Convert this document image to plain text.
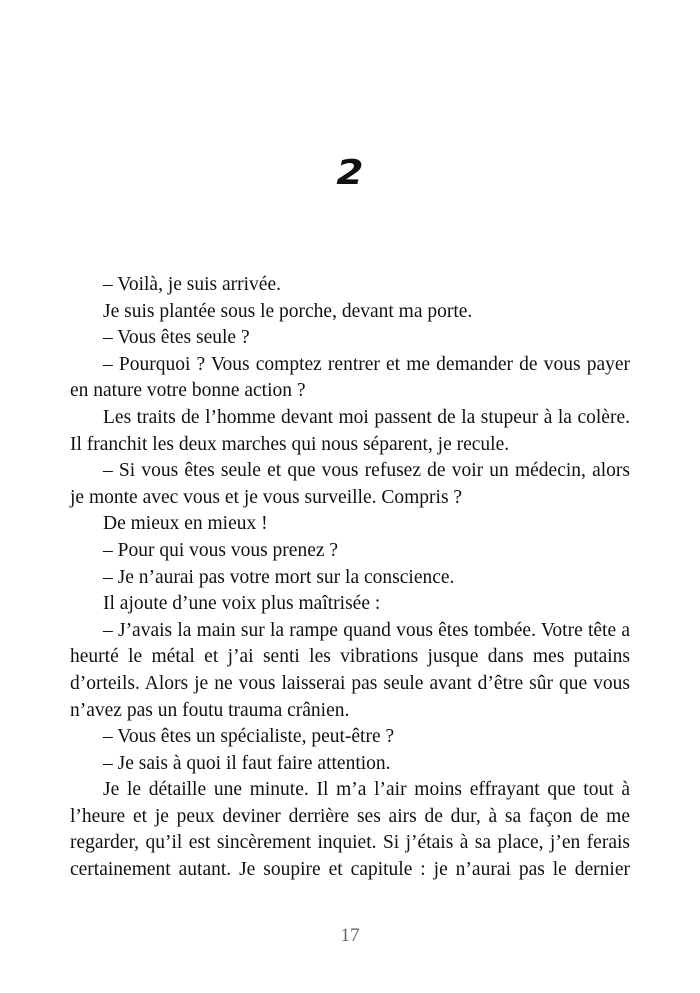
2

– Voilà, je suis arrivée.

Je suis plantée sous le porche, devant ma porte.

– Vous êtes seule ?

– Pourquoi ? Vous comptez rentrer et me demander de vous payer en nature votre bonne action ?

Les traits de l’homme devant moi passent de la stupeur à la colère. Il franchit les deux marches qui nous séparent, je recule.

– Si vous êtes seule et que vous refusez de voir un médecin, alors je monte avec vous et je vous surveille. Compris ?

De mieux en mieux !

– Pour qui vous vous prenez ?

– Je n’aurai pas votre mort sur la conscience.

Il ajoute d’une voix plus maîtrisée :

– J’avais la main sur la rampe quand vous êtes tombée. Votre tête a heurté le métal et j’ai senti les vibrations jusque dans mes putains d’orteils. Alors je ne vous laisserai pas seule avant d’être sûr que vous n’avez pas un foutu trauma crânien.

– Vous êtes un spécialiste, peut-être ?

– Je sais à quoi il faut faire attention.

Je le détaille une minute. Il m’a l’air moins effrayant que tout à l’heure et je peux deviner derrière ses airs de dur, à sa façon de me regarder, qu’il est sincèrement inquiet. Si j’étais à sa place, j’en ferais certainement autant. Je soupire et capitule : je n’aurai pas le dernier

17
